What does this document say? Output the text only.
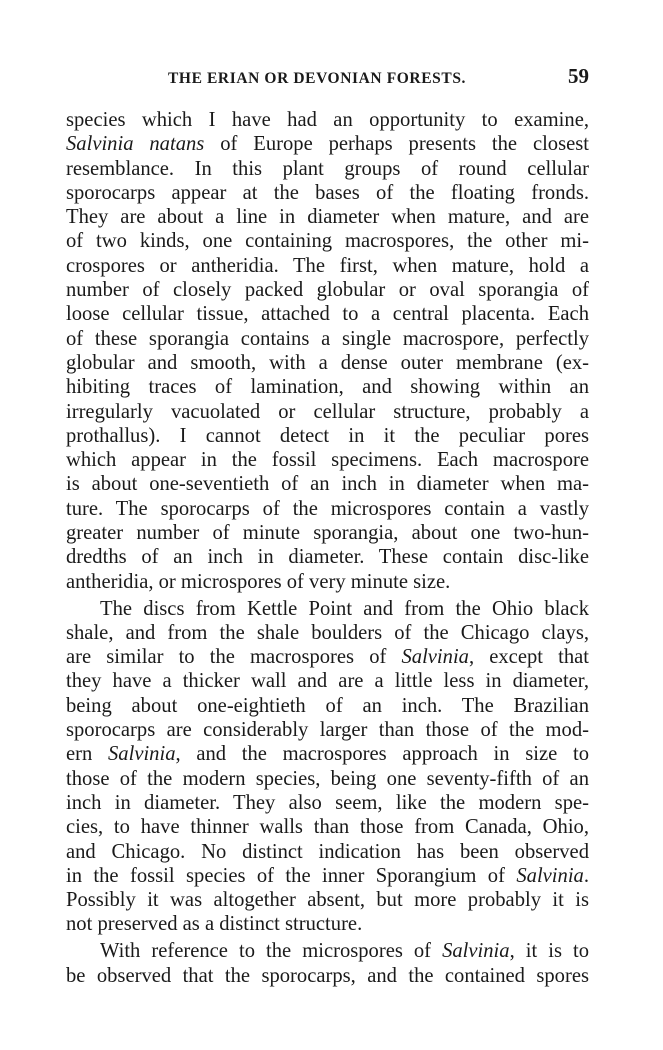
THE ERIAN OR DEVONIAN FORESTS.	59
species which I have had an opportunity to examine,
Salvinia natans of Europe perhaps presents the closest
resemblance. In this plant groups of round cellular
sporocarps appear at the bases of the floating fronds.
They are about a line in diameter when mature, and are
of two kinds, one containing macrospores, the other mi-
crospores or antheridia. The first, when mature, hold a
number of closely packed globular or oval sporangia of
loose cellular tissue, attached to a central placenta. Each
of these sporangia contains a single macrospore, perfectly
globular and smooth, with a dense outer membrane (ex-
hibiting traces of lamination, and showing within an
irregularly vacuolated or cellular structure, probably a
prothallus). I cannot detect in it the peculiar pores
which appear in the fossil specimens. Each macrospore
is about one-seventieth of an inch in diameter when ma-
ture. The sporocarps of the microspores contain a vastly
greater number of minute sporangia, about one two-hun-
dredths of an inch in diameter. These contain disc-like
antheridia, or microspores of very minute size.
The discs from Kettle Point and from the Ohio black
shale, and from the shale boulders of the Chicago clays,
are similar to the macrospores of Salvinia, except that
they have a thicker wall and are a little less in diameter,
being about one-eightieth of an inch. The Brazilian
sporocarps are considerably larger than those of the mod-
ern Salvinia, and the macrospores approach in size to
those of the modern species, being one seventy-fifth of an
inch in diameter. They also seem, like the modern spe-
cies, to have thinner walls than those from Canada, Ohio,
and Chicago. No distinct indication has been observed
in the fossil species of the inner Sporangium of Salvinia.
Possibly it was altogether absent, but more probably it is
not preserved as a distinct structure.
With reference to the microspores of Salvinia, it is to
be observed that the sporocarps, and the contained spores
